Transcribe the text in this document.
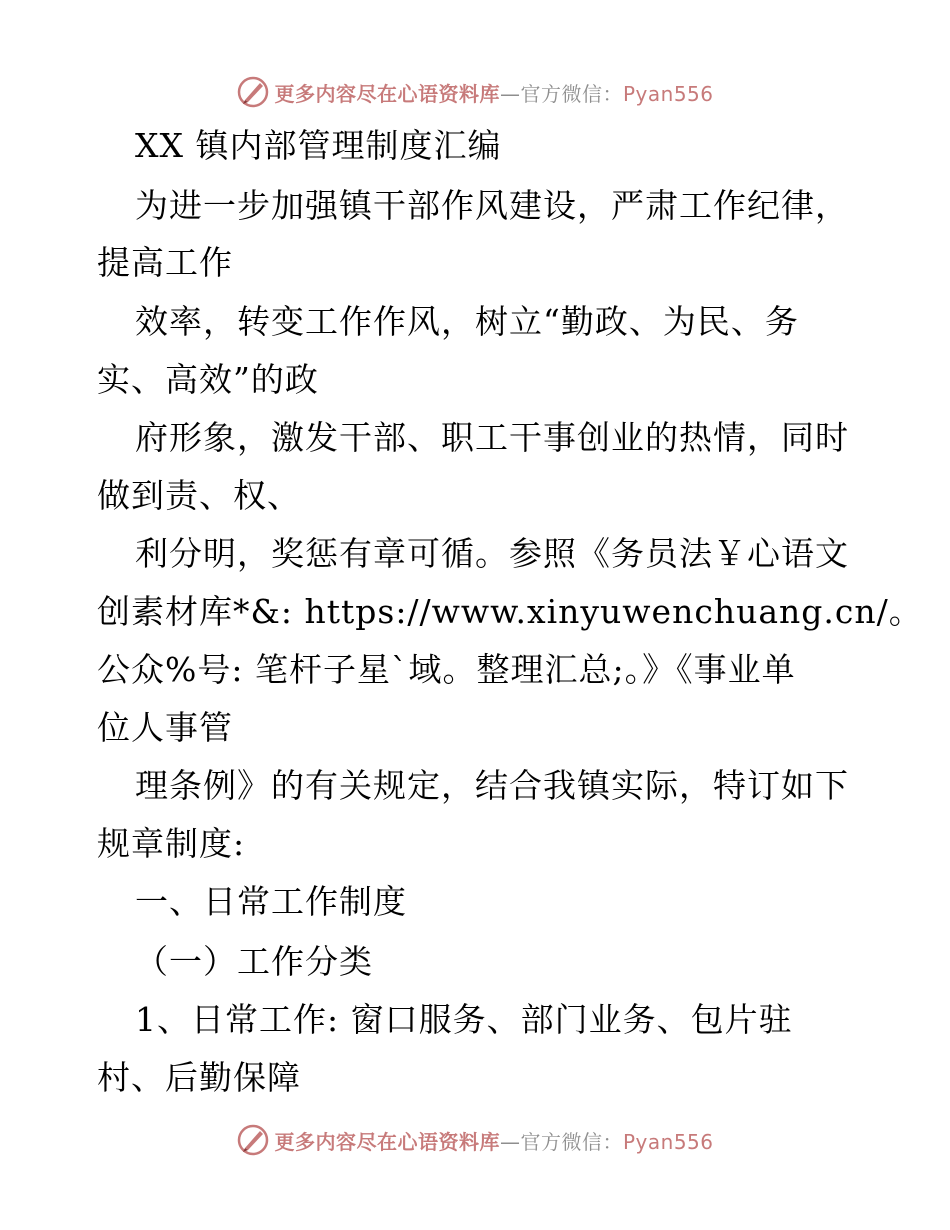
更多内容尽在心语资料库—官方微信：Pyan556

XX 镇内部管理制度汇编

为进一步加强镇干部作风建设，严肃工作纪律，

提高工作

效率，转变工作作风，树立“勤政、为民、务

实、高效”的政

府形象，激发干部、职工干事创业的热情，同时

做到责、权、

利分明，奖惩有章可循。参照《务员法￥心语文

创素材库*&: https://www.xinyuwenchuang.cn/。

公众%号: 笔杆子星`域。整理汇总;。》《事业单

位人事管

理条例》的有关规定，结合我镇实际，特订如下

规章制度:

一、日常工作制度

（一）工作分类

1、日常工作: 窗口服务、部门业务、包片驻

村、后勤保障

更多内容尽在心语资料库—官方微信：Pyan556
